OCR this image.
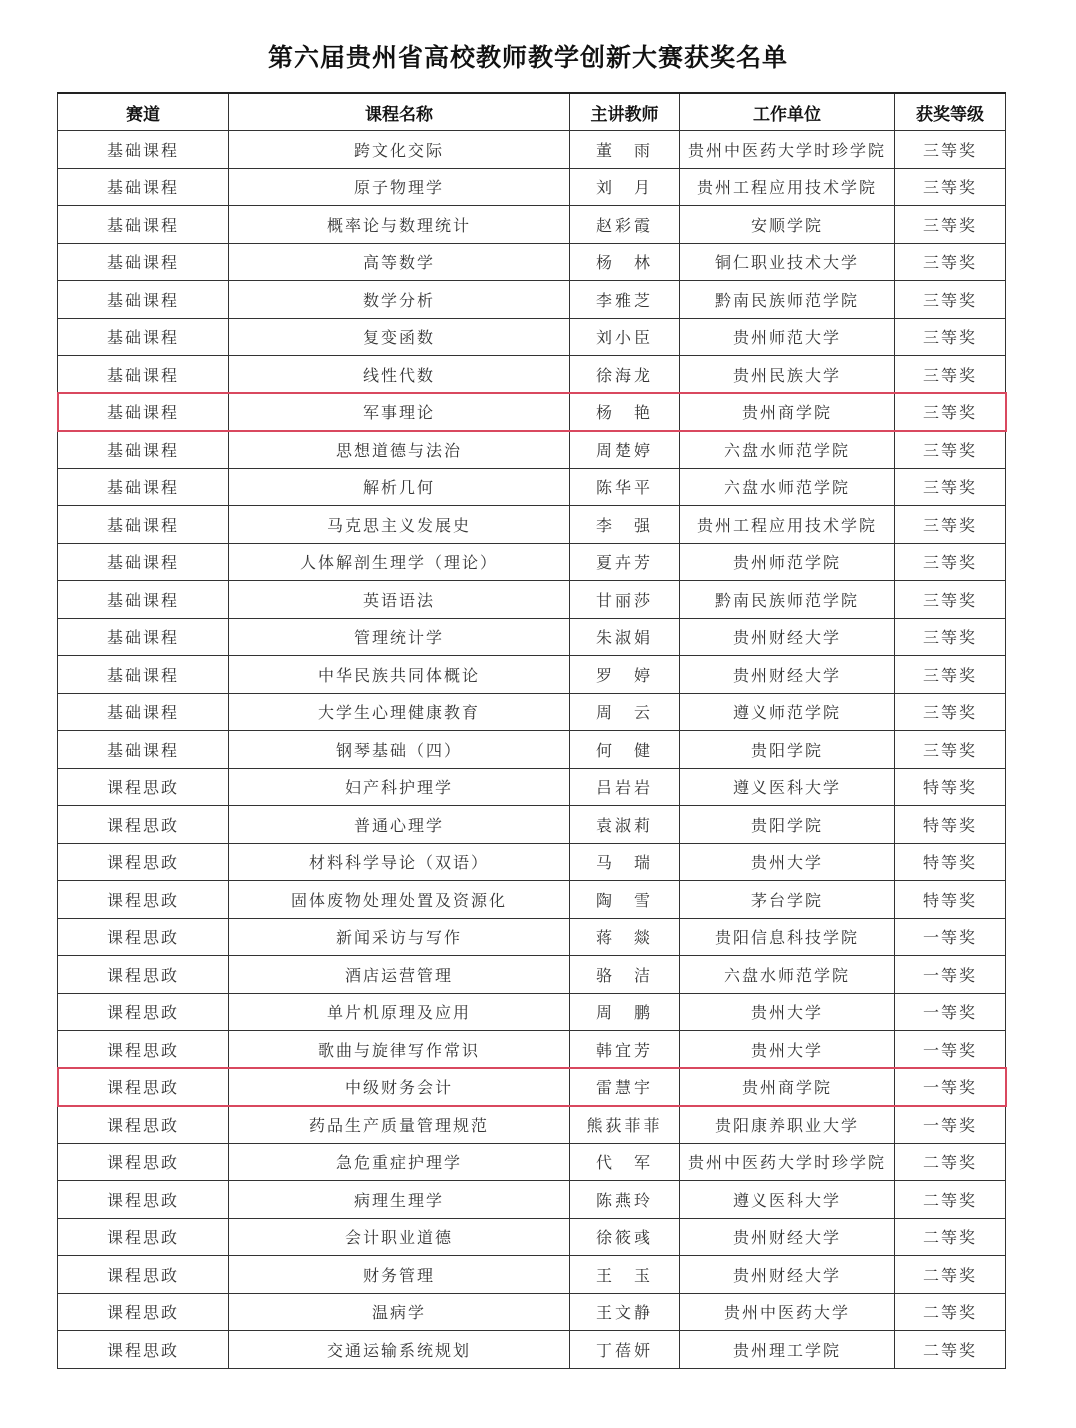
第六届贵州省高校教师教学创新大赛获奖名单
赛道	课程名称	主讲教师	工作单位	获奖等级
基础课程	跨文化交际	董　雨	贵州中医药大学时珍学院	三等奖
基础课程	原子物理学	刘　月	贵州工程应用技术学院	三等奖
基础课程	概率论与数理统计	赵彩霞	安顺学院	三等奖
基础课程	高等数学	杨　林	铜仁职业技术大学	三等奖
基础课程	数学分析	李雅芝	黔南民族师范学院	三等奖
基础课程	复变函数	刘小臣	贵州师范大学	三等奖
基础课程	线性代数	徐海龙	贵州民族大学	三等奖
基础课程	军事理论	杨　艳	贵州商学院	三等奖
基础课程	思想道德与法治	周楚婷	六盘水师范学院	三等奖
基础课程	解析几何	陈华平	六盘水师范学院	三等奖
基础课程	马克思主义发展史	李　强	贵州工程应用技术学院	三等奖
基础课程	人体解剖生理学（理论）	夏卉芳	贵州师范学院	三等奖
基础课程	英语语法	甘丽莎	黔南民族师范学院	三等奖
基础课程	管理统计学	朱淑娟	贵州财经大学	三等奖
基础课程	中华民族共同体概论	罗　婷	贵州财经大学	三等奖
基础课程	大学生心理健康教育	周　云	遵义师范学院	三等奖
基础课程	钢琴基础（四）	何　健	贵阳学院	三等奖
课程思政	妇产科护理学	吕岩岩	遵义医科大学	特等奖
课程思政	普通心理学	袁淑莉	贵阳学院	特等奖
课程思政	材料科学导论（双语）	马　瑞	贵州大学	特等奖
课程思政	固体废物处理处置及资源化	陶　雪	茅台学院	特等奖
课程思政	新闻采访与写作	蒋　燚	贵阳信息科技学院	一等奖
课程思政	酒店运营管理	骆　洁	六盘水师范学院	一等奖
课程思政	单片机原理及应用	周　鹏	贵州大学	一等奖
课程思政	歌曲与旋律写作常识	韩宜芳	贵州大学	一等奖
课程思政	中级财务会计	雷慧宇	贵州商学院	一等奖
课程思政	药品生产质量管理规范	熊荻菲菲	贵阳康养职业大学	一等奖
课程思政	急危重症护理学	代　军	贵州中医药大学时珍学院	二等奖
课程思政	病理生理学	陈燕玲	遵义医科大学	二等奖
课程思政	会计职业道德	徐筱彧	贵州财经大学	二等奖
课程思政	财务管理	王　玉	贵州财经大学	二等奖
课程思政	温病学	王文静	贵州中医药大学	二等奖
课程思政	交通运输系统规划	丁蓓妍	贵州理工学院	二等奖
